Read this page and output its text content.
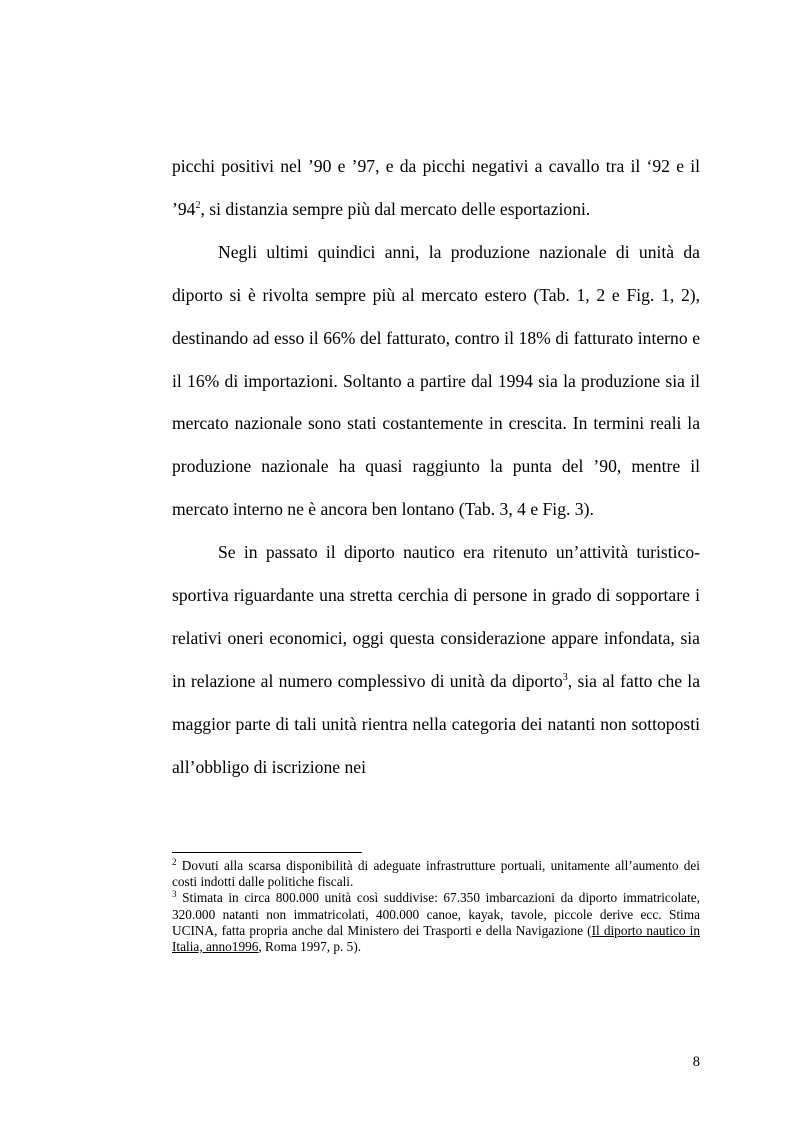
picchi positivi nel ’90 e ’97, e da picchi negativi a cavallo tra il ‘92 e il $’94^2$, si distanzia sempre più dal mercato delle esportazioni.

Negli ultimi quindici anni, la produzione nazionale di unità da diporto si è rivolta sempre più al mercato estero (Tab. 1, 2 e Fig. 1, 2), destinando ad esso il 66% del fatturato, contro il 18% di fatturato interno e il 16% di importazioni. Soltanto a partire dal 1994 sia la produzione sia il mercato nazionale sono stati costantemente in crescita. In termini reali la produzione nazionale ha quasi raggiunto la punta del ’90, mentre il mercato interno ne è ancora ben lontano (Tab. 3, 4 e Fig. 3).

Se in passato il diporto nautico era ritenuto un’attività turistico-sportiva riguardante una stretta cerchia di persone in grado di sopportare i relativi oneri economici, oggi questa considerazione appare infondata, sia in relazione al numero complessivo di unità da diporto$^3$, sia al fatto che la maggior parte di tali unità rientra nella categoria dei natanti non sottoposti all’obbligo di iscrizione nei

$^2$ Dovuti alla scarsa disponibilità di adeguate infrastrutture portuali, unitamente all’aumento dei costi indotti dalle politiche fiscali.

$^3$ Stimata in circa 800.000 unità così suddivise: 67.350 imbarcazioni da diporto immatricolate, 320.000 natanti non immatricolati, 400.000 canoe, kayak, tavole, piccole derive ecc. Stima UCINA, fatta propria anche dal Ministero dei Trasporti e della Navigazione (Il diporto nautico in Italia, anno1996, Roma 1997, p. 5).

8
